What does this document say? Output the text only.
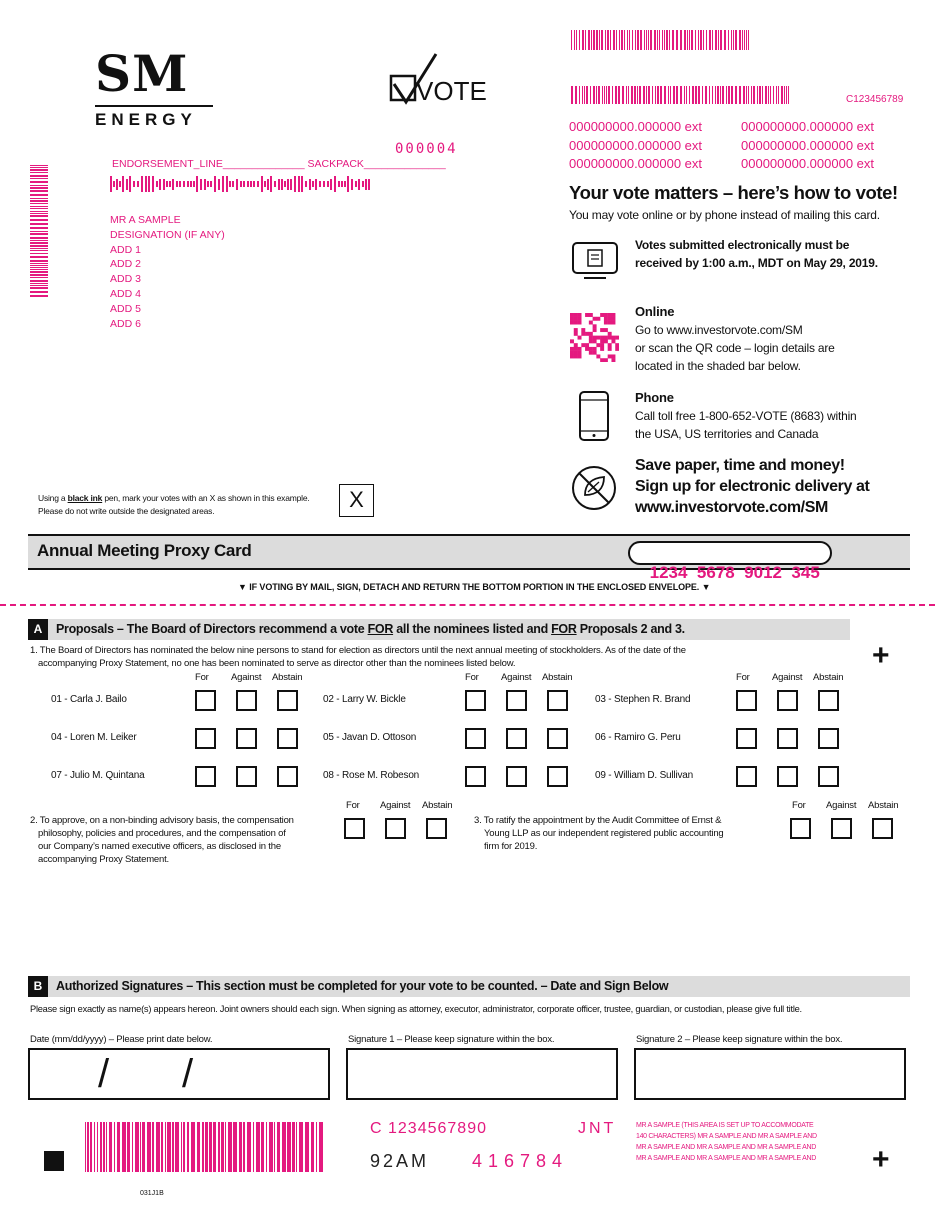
SM
ENERGY
VOTE	C123456789
000000000.000000 ext	000000000.000000 ext
000000000.000000 ext	000000000.000000 ext
000000000.000000 ext	000000000.000000 ext
Your vote matters – here’s how to vote!
You may vote online or by phone instead of mailing this card.
Votes submitted electronically must be
received by 1:00 a.m., MDT on May 29, 2019.
Online
Go to www.investorvote.com/SM
or scan the QR code – login details are
located in the shaded bar below.
Phone
Call toll free 1-800-652-VOTE (8683) within
the USA, US territories and Canada
Save paper, time and money!
Sign up for electronic delivery at
www.investorvote.com/SM
000004
ENDORSEMENT_LINE______________ SACKPACK______________
MR A SAMPLE
DESIGNATION (IF ANY)
ADD 1
ADD 2
ADD 3
ADD 4
ADD 5
ADD 6
Using a black ink pen, mark your votes with an X as shown in this example.
Please do not write outside the designated areas.	X
Annual Meeting Proxy Card

1234  5678  9012  345

▼ IF VOTING BY MAIL, SIGN, DETACH AND RETURN THE BOTTOM PORTION IN THE ENCLOSED ENVELOPE. ▼
A	Proposals – The Board of Directors recommend a vote FOR all the nominees listed and FOR Proposals 2 and 3.
+
1. The Board of Directors has nominated the below nine persons to stand for election as directors until the next annual meeting of stockholders. As of the date of the
accompanying Proxy Statement, no one has been nominated to serve as director other than the nominees listed below.
For Against Abstain	For Against Abstain	For Against Abstain
01 - Carla J. Bailo	02 - Larry W. Bickle	03 - Stephen R. Brand
04 - Loren M. Leiker	05 - Javan D. Ottoson	06 - Ramiro G. Peru
07 - Julio M. Quintana	08 - Rose M. Robeson	09 - William D. Sullivan
2. To approve, on a non-binding advisory basis, the compensation
philosophy, policies and procedures, and the compensation of
our Company’s named executive officers, as disclosed in the
accompanying Proxy Statement.
3. To ratify the appointment by the Audit Committee of Ernst &
Young LLP as our independent registered public accounting
firm for 2019.
For Against Abstain	For Against Abstain
B	Authorized Signatures – This section must be completed for your vote to be counted. – Date and Sign Below
Please sign exactly as name(s) appears hereon. Joint owners should each sign. When signing as attorney, executor, administrator, corporate officer, trustee, guardian, or custodian, please give full title.
Date (mm/dd/yyyy) – Please print date below.	Signature 1 – Please keep signature within the box.	Signature 2 – Please keep signature within the box.
/ /
C 1234567890	JNT
92AM 416784
MR A SAMPLE (THIS AREA IS SET UP TO ACCOMMODATE
140 CHARACTERS) MR A SAMPLE AND MR A SAMPLE AND
MR A SAMPLE AND MR A SAMPLE AND MR A SAMPLE AND
MR A SAMPLE AND MR A SAMPLE AND MR A SAMPLE AND +
031J1B
